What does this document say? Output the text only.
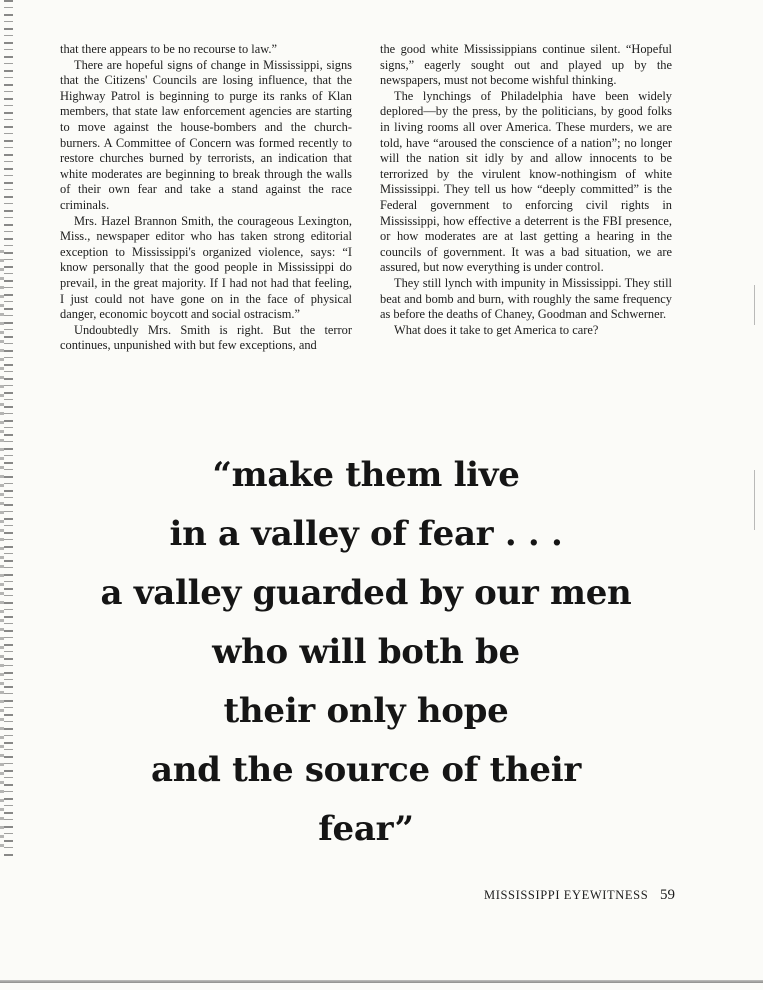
that there appears to be no recourse to law.”

There are hopeful signs of change in Mississippi, signs that the Citizens' Councils are losing influence, that the Highway Patrol is beginning to purge its ranks of Klan members, that state law enforcement agencies are starting to move against the house-bombers and the church-burners. A Committee of Concern was formed recently to restore churches burned by terrorists, an indication that white moderates are beginning to break through the walls of their own fear and take a stand against the race criminals.

Mrs. Hazel Brannon Smith, the courageous Lexington, Miss., newspaper editor who has taken strong editorial exception to Mississippi's organized violence, says: “I know personally that the good people in Mississippi do prevail, in the great majority. If I had not had that feeling, I just could not have gone on in the face of physical danger, economic boycott and social ostracism.”

Undoubtedly Mrs. Smith is right. But the terror continues, unpunished with but few exceptions, and

the good white Mississippians continue silent. “Hopeful signs,” eagerly sought out and played up by the newspapers, must not become wishful thinking.

The lynchings of Philadelphia have been widely deplored—by the press, by the politicians, by good folks in living rooms all over America. These murders, we are told, have “aroused the conscience of a nation”; no longer will the nation sit idly by and allow innocents to be terrorized by the virulent know-nothingism of white Mississippi. They tell us how “deeply committed” is the Federal government to enforcing civil rights in Mississippi, how effective a deterrent is the FBI presence, or how moderates are at last getting a hearing in the councils of government. It was a bad situation, we are assured, but now everything is under control.

They still lynch with impunity in Mississippi. They still beat and bomb and burn, with roughly the same frequency as before the deaths of Chaney, Goodman and Schwerner.

What does it take to get America to care?

“make them live
in a valley of fear . . .
a valley guarded by our men
who will both be
their only hope
and the source of their
fear”
MISSISSIPPI EYEWITNESS 59
